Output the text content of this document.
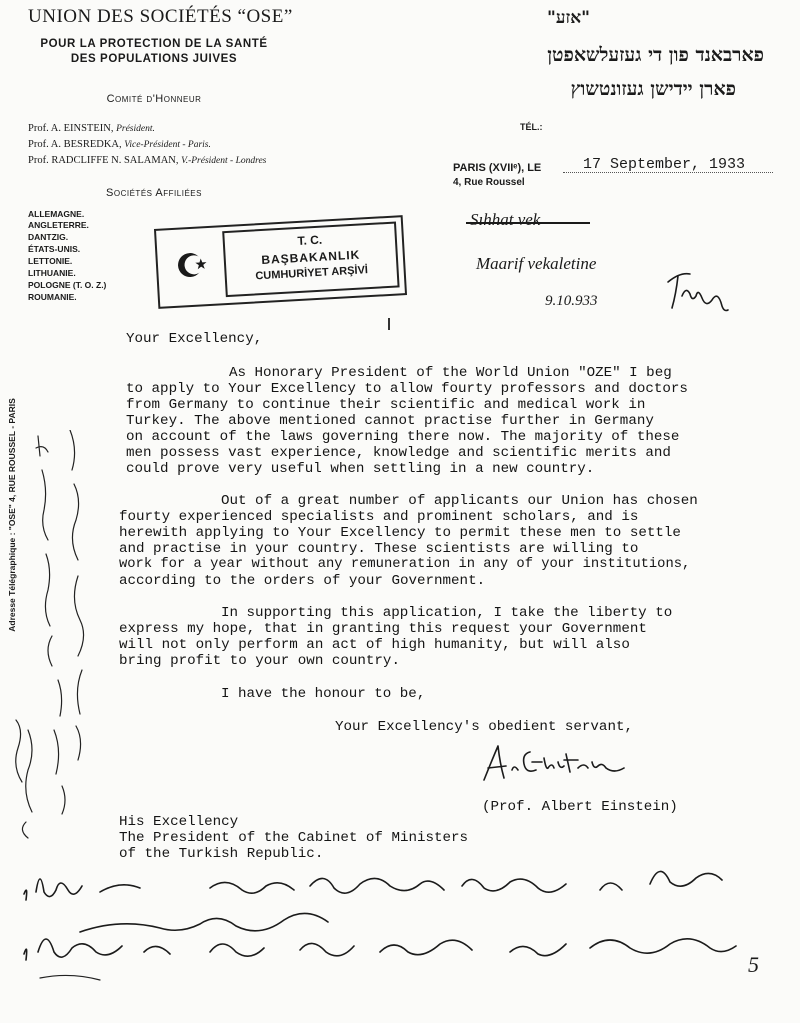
UNION DES SOCIÉTÉS “OSE”
POUR LA PROTECTION DE LA SANTÉ
DES POPULATIONS JUIVES
Comité d'Honneur
Prof. A. EINSTEIN, Président.
Prof. A. BESREDKA, Vice-Président - Paris.
Prof. RADCLIFFE N. SALAMAN, V.-Président - Londres
Sociétés Affiliées
ALLEMAGNE.
ANGLETERRE.
DANTZIG.
ÉTATS-UNIS.
LETTONIE.
LITHUANIE.
POLOGNE (T. O. Z.)
ROUMANIE.
"אזע"
פארבאנד פון די געזעלשאפטן
פארן יידישן געזונטשוץ
TÉL.:
PARIS (XVIIᵉ), LE	17 September, 1933
4, Rue Roussel
T. C.
BAŞBAKANLIK
CUMHURİYET ARŞİVİ
Sıhhat vek
Maarif vekaletine
9.10.933
Your Excellency,
As Honorary President of the World Union "OZE" I beg
to apply to Your Excellency to allow fourty professors and doctors
from Germany to continue their scientific and medical work in
Turkey. The above mentioned cannot practise further in Germany
on account of the laws governing there now. The majority of these
men possess vast experience, knowledge and scientific merits and
could prove very useful when settling in a new country.
Out of a great number of applicants our Union has chosen
fourty experienced specialists and prominent scholars, and is
herewith applying to Your Excellency to permit these men to settle
and practise in your country. These scientists are willing to
work for a year without any remuneration in any of your institutions,
according to the orders of your Government.
In supporting this application, I take the liberty to
express my hope, that in granting this request your Government
will not only perform an act of high humanity, but will also
bring profit to your own country.
I have the honour to be,
Your Excellency's obedient servant,
(Prof. Albert Einstein)
His Excellency
The President of the Cabinet of Ministers
of the Turkish Republic.
Adresse Télégraphique : "OSE" 4, RUE ROUSSEL - PARIS
5
